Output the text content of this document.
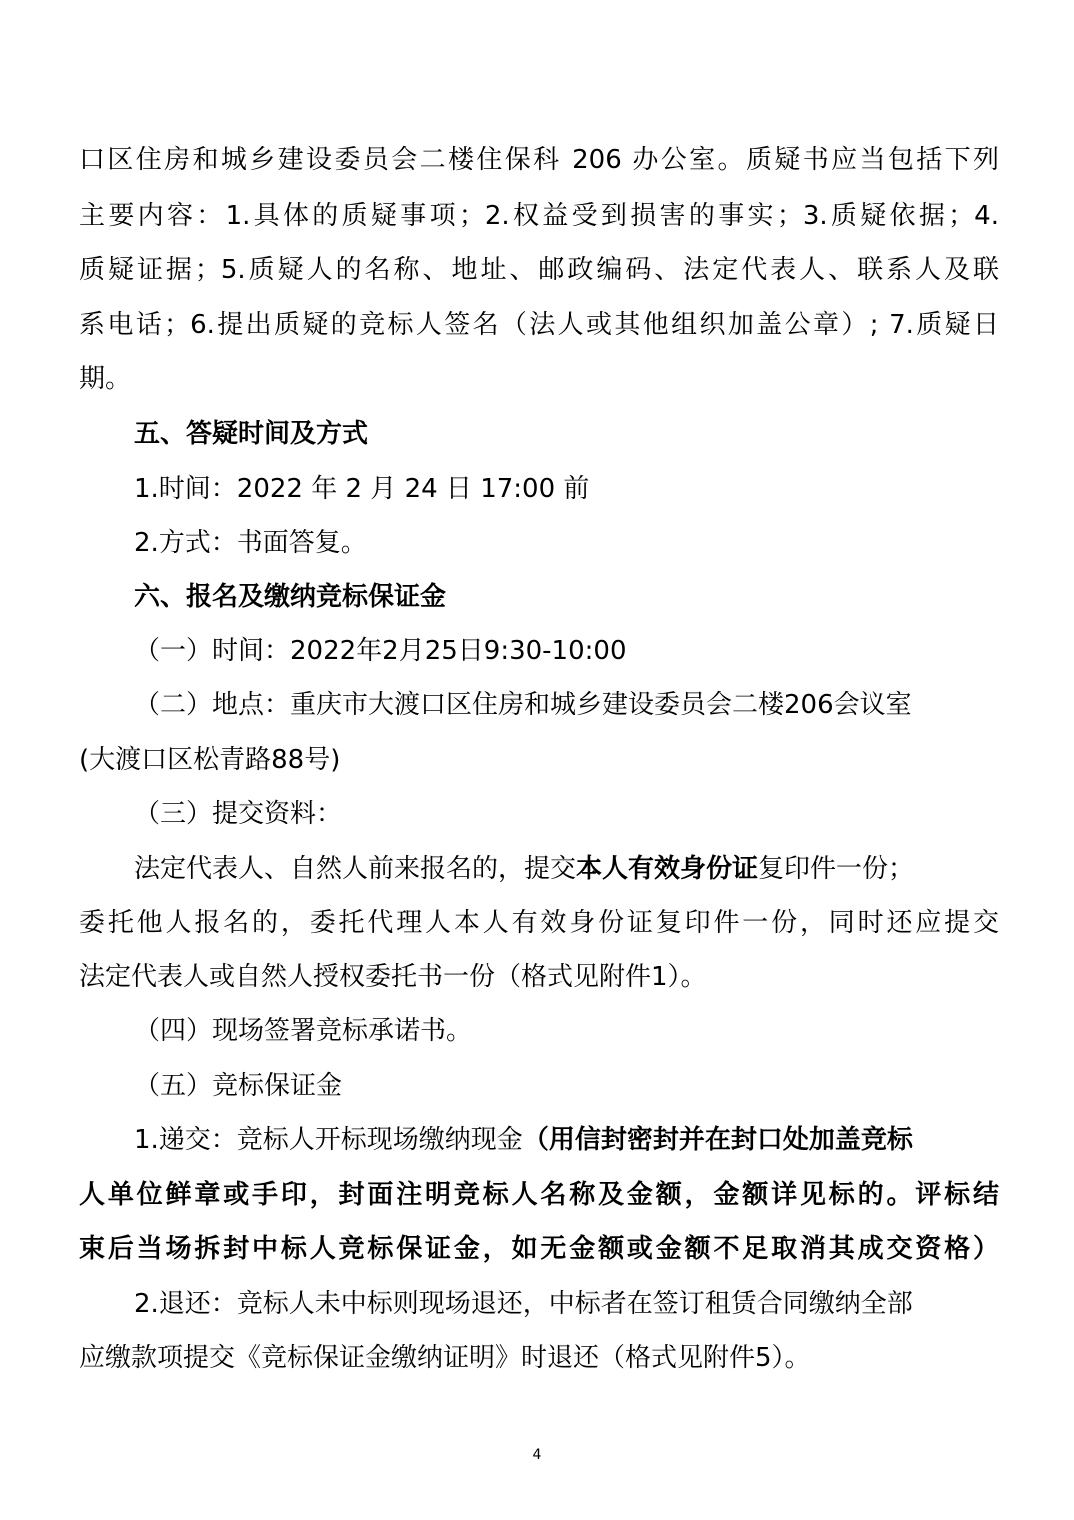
口区住房和城乡建设委员会二楼住保科 206 办公室。质疑书应当包括下列
主要内容：1.具体的质疑事项；2.权益受到损害的事实；3.质疑依据；4.
质疑证据；5.质疑人的名称、地址、邮政编码、法定代表人、联系人及联
系电话；6.提出质疑的竞标人签名（法人或其他组织加盖公章）; 7.质疑日
期。
五、答疑时间及方式
1.时间：2022 年 2 月 24 日 17:00 前
2.方式：书面答复。
六、报名及缴纳竞标保证金
（一）时间：2022年2月25日9:30-10:00
（二）地点：重庆市大渡口区住房和城乡建设委员会二楼206会议室
(大渡口区松青路88号)
（三）提交资料：
法定代表人、自然人前来报名的，提交本人有效身份证复印件一份；
委托他人报名的，委托代理人本人有效身份证复印件一份，同时还应提交
法定代表人或自然人授权委托书一份（格式见附件1）。
（四）现场签署竞标承诺书。
（五）竞标保证金
1.递交：竞标人开标现场缴纳现金（用信封密封并在封口处加盖竞标
人单位鲜章或手印，封面注明竞标人名称及金额，金额详见标的。评标结
束后当场拆封中标人竞标保证金，如无金额或金额不足取消其成交资格）
2.退还：竞标人未中标则现场退还，中标者在签订租赁合同缴纳全部
应缴款项提交《竞标保证金缴纳证明》时退还（格式见附件5）。
4
